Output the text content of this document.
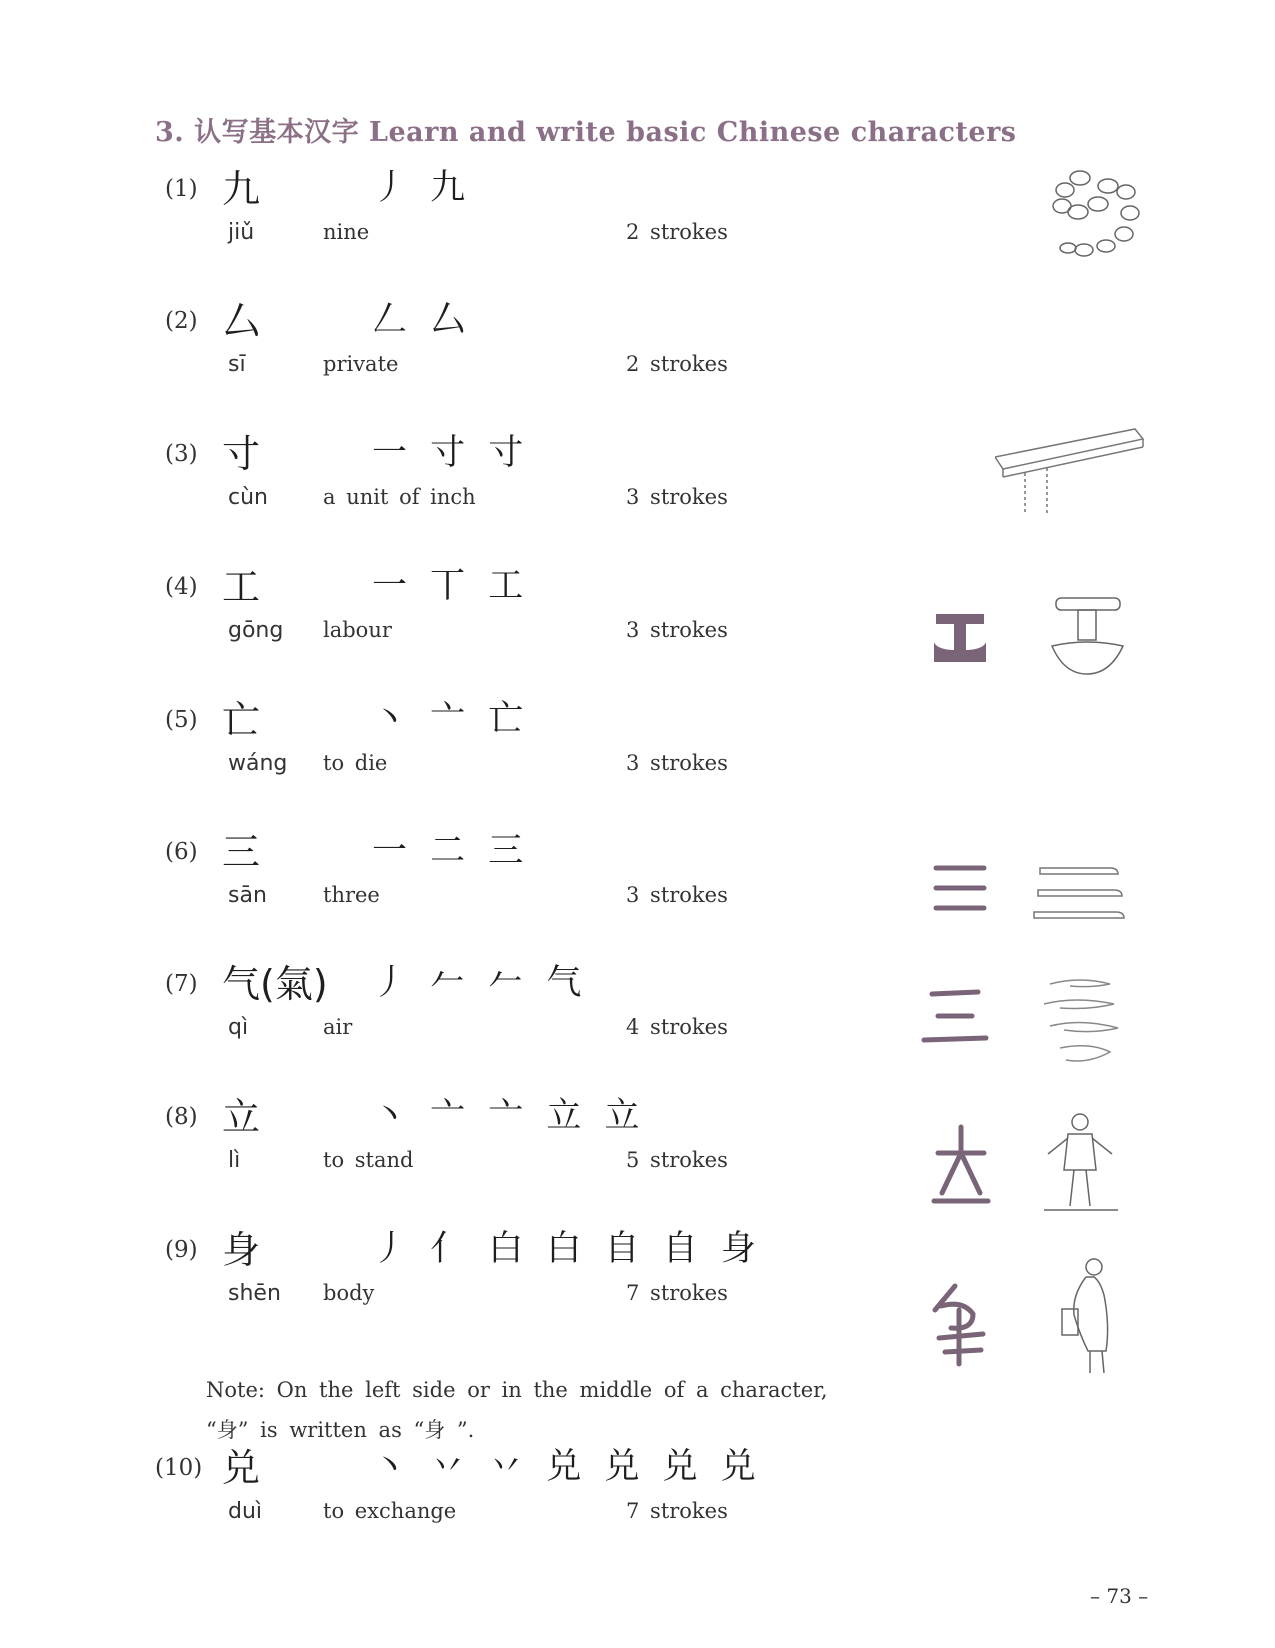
3. 认写基本汉字 Learn and write basic Chinese characters
(1) 九	丿 九
jiǔ	nine	2 strokes
(2) 厶	𠃋 厶
sī	private	2 strokes
(3) 寸	一 寸 寸
cùn	a unit of inch	3 strokes
(4) 工	一 丅 工
gōng labour	3 strokes
(5) 亡	丶 亠 亡
wáng to die	3 strokes
(6) 三	一 二 三
sān	three	3 strokes
(7) 气(氣) 丿 𠂉 𠂉 气
qì	air	4 strokes
(8) 立	丶 亠 亠 立 立
lì	to stand	5 strokes
(9) 身	丿 亻 白 白 自 自 身
shēn body	7 strokes
Note: On the left side or in the middle of a character,
“身” is written as “身 ”.
(10) 兑	丶 丷 丷 兑 兑 兑 兑
duì	to exchange	7 strokes
– 73 –
